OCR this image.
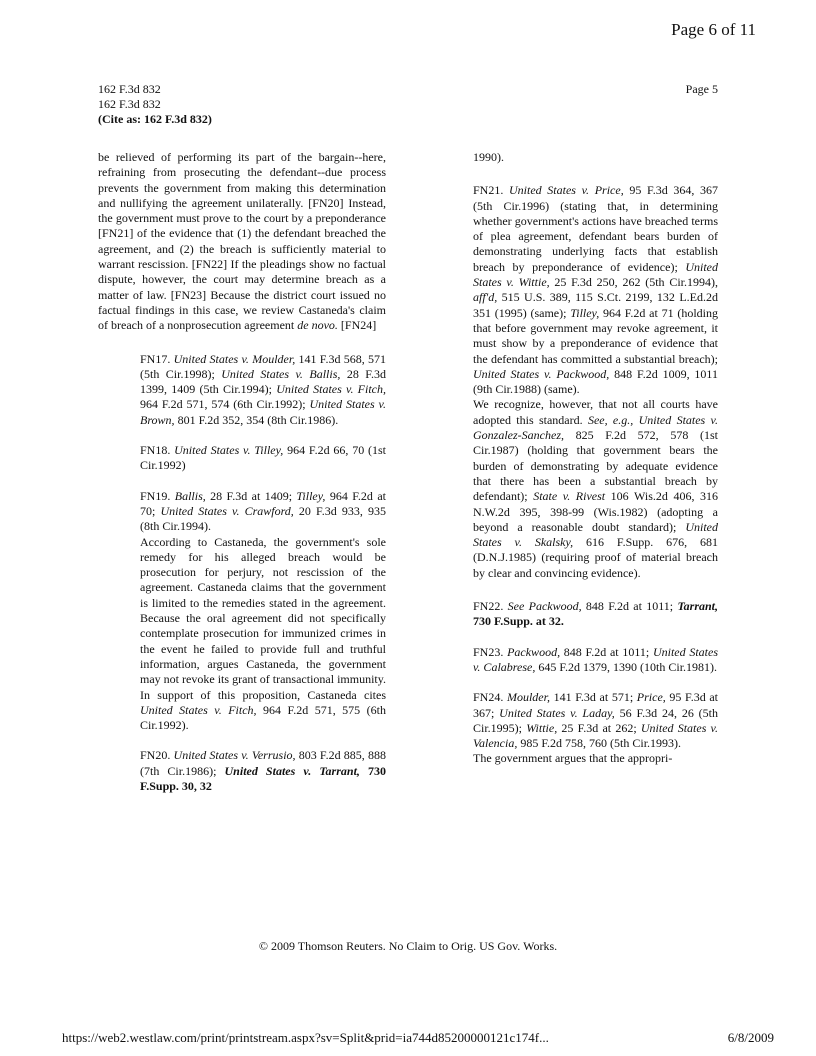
Page 6 of 11
162 F.3d 832
162 F.3d 832
(Cite as: 162 F.3d 832)
Page 5

be relieved of performing its part of the bargain--here, refraining from prosecuting the defendant--due process prevents the government from making this determination and nullifying the agreement unilaterally. [FN20] Instead, the government must prove to the court by a preponderance [FN21] of the evidence that (1) the defendant breached the agreement, and (2) the breach is sufficiently material to warrant rescission. [FN22] If the pleadings show no factual dispute, however, the court may determine breach as a matter of law. [FN23] Because the district court issued no factual findings in this case, we review Castaneda's claim of breach of a nonprosecution agreement de novo. [FN24]

FN17. United States v. Moulder, 141 F.3d 568, 571 (5th Cir.1998); United States v. Ballis, 28 F.3d 1399, 1409 (5th Cir.1994); United States v. Fitch, 964 F.2d 571, 574 (6th Cir.1992); United States v. Brown, 801 F.2d 352, 354 (8th Cir.1986).

FN18. United States v. Tilley, 964 F.2d 66, 70 (1st Cir.1992)

FN19. Ballis, 28 F.3d at 1409; Tilley, 964 F.2d at 70; United States v. Crawford, 20 F.3d 933, 935 (8th Cir.1994).

According to Castaneda, the government's sole remedy for his alleged breach would be prosecution for perjury, not rescission of the agreement. Castaneda claims that the government is limited to the remedies stated in the agreement. Because the oral agreement did not specifically contemplate prosecution for immunized crimes in the event he failed to provide full and truthful information, argues Castaneda, the government may not revoke its grant of transactional immunity. In support of this proposition, Castaneda cites United States v. Fitch, 964 F.2d 571, 575 (6th Cir.1992).

FN20. United States v. Verrusio, 803 F.2d 885, 888 (7th Cir.1986); United States v. Tarrant, 730 F.Supp. 30, 32

1990).

FN21. United States v. Price, 95 F.3d 364, 367 (5th Cir.1996) (stating that, in determining whether government's actions have breached terms of plea agreement, defendant bears burden of demonstrating underlying facts that establish breach by preponderance of evidence); United States v. Wittie, 25 F.3d 250, 262 (5th Cir.1994), aff'd, 515 U.S. 389, 115 S.Ct. 2199, 132 L.Ed.2d 351 (1995) (same); Tilley, 964 F.2d at 71 (holding that before government may revoke agreement, it must show by a preponderance of evidence that the defendant has committed a substantial breach); United States v. Packwood, 848 F.2d 1009, 1011 (9th Cir.1988) (same).

We recognize, however, that not all courts have adopted this standard. See, e.g., United States v. Gonzalez-Sanchez, 825 F.2d 572, 578 (1st Cir.1987) (holding that government bears the burden of demonstrating by adequate evidence that there has been a substantial breach by defendant); State v. Rivest 106 Wis.2d 406, 316 N.W.2d 395, 398-99 (Wis.1982) (adopting a beyond a reasonable doubt standard); United States v. Skalsky, 616 F.Supp. 676, 681 (D.N.J.1985) (requiring proof of material breach by clear and convincing evidence).

FN22. See Packwood, 848 F.2d at 1011; Tarrant, 730 F.Supp. at 32.

FN23. Packwood, 848 F.2d at 1011; United States v. Calabrese, 645 F.2d 1379, 1390 (10th Cir.1981).

FN24. Moulder, 141 F.3d at 571; Price, 95 F.3d at 367; United States v. Laday, 56 F.3d 24, 26 (5th Cir.1995); Wittie, 25 F.3d at 262; United States v. Valencia, 985 F.2d 758, 760 (5th Cir.1993).

The government argues that the appropri-

© 2009 Thomson Reuters. No Claim to Orig. US Gov. Works.
https://web2.westlaw.com/print/printstream.aspx?sv=Split&prid=ia744d85200000121c174f...	6/8/2009
